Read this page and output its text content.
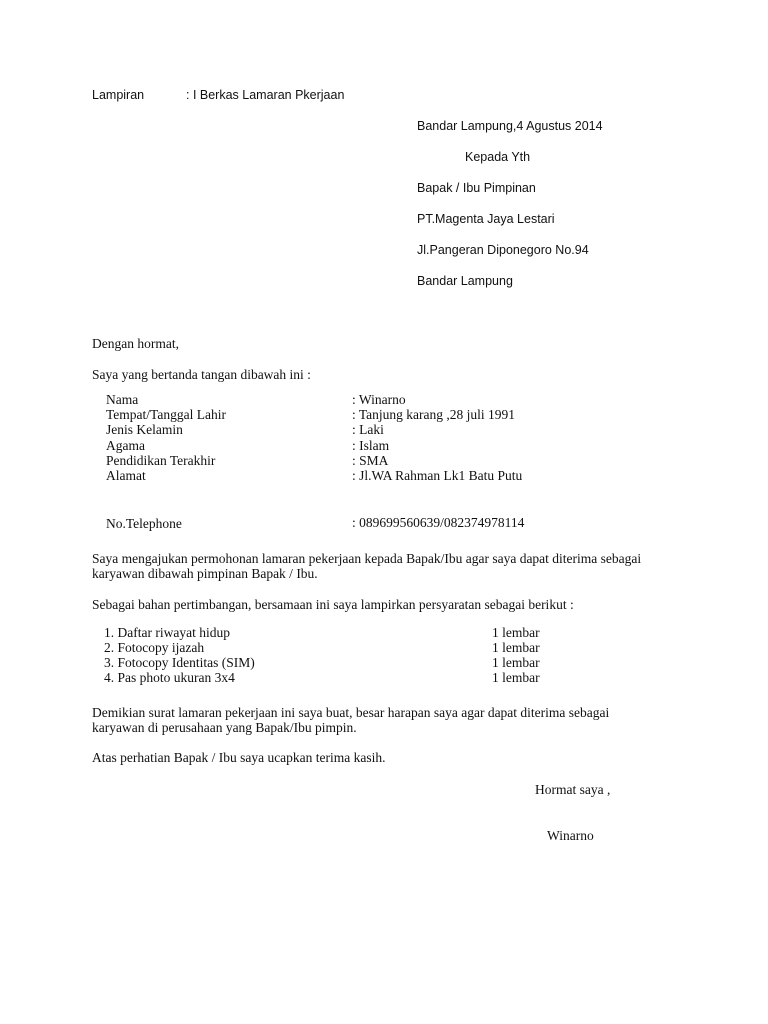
Lampiran	: I Berkas Lamaran Pkerjaan
Bandar Lampung,4 Agustus 2014
Kepada Yth
Bapak / Ibu Pimpinan
PT.Magenta Jaya Lestari
Jl.Pangeran Diponegoro No.94
Bandar Lampung
Dengan hormat,
Saya yang bertanda tangan dibawah ini :
Nama	: Winarno
Tempat/Tanggal Lahir	: Tanjung karang ,28 juli 1991
Jenis Kelamin	: Laki
Agama	: Islam
Pendidikan Terakhir	: SMA
Alamat	: Jl.WA Rahman Lk1 Batu Putu
No.Telephone	: 089699560639/082374978114
Saya mengajukan permohonan lamaran pekerjaan kepada Bapak/Ibu agar saya dapat diterima sebagai
karyawan dibawah pimpinan Bapak / Ibu.
Sebagai bahan pertimbangan, bersamaan ini saya lampirkan persyaratan sebagai berikut :
1. Daftar riwayat hidup	1 lembar
2. Fotocopy ijazah	1 lembar
3. Fotocopy Identitas (SIM)	1 lembar
4. Pas photo ukuran 3x4	1 lembar
Demikian surat lamaran pekerjaan ini saya buat, besar harapan saya agar dapat diterima sebagai
karyawan di perusahaan yang Bapak/Ibu pimpin.
Atas perhatian Bapak / Ibu saya ucapkan terima kasih.
Hormat saya ,
Winarno
